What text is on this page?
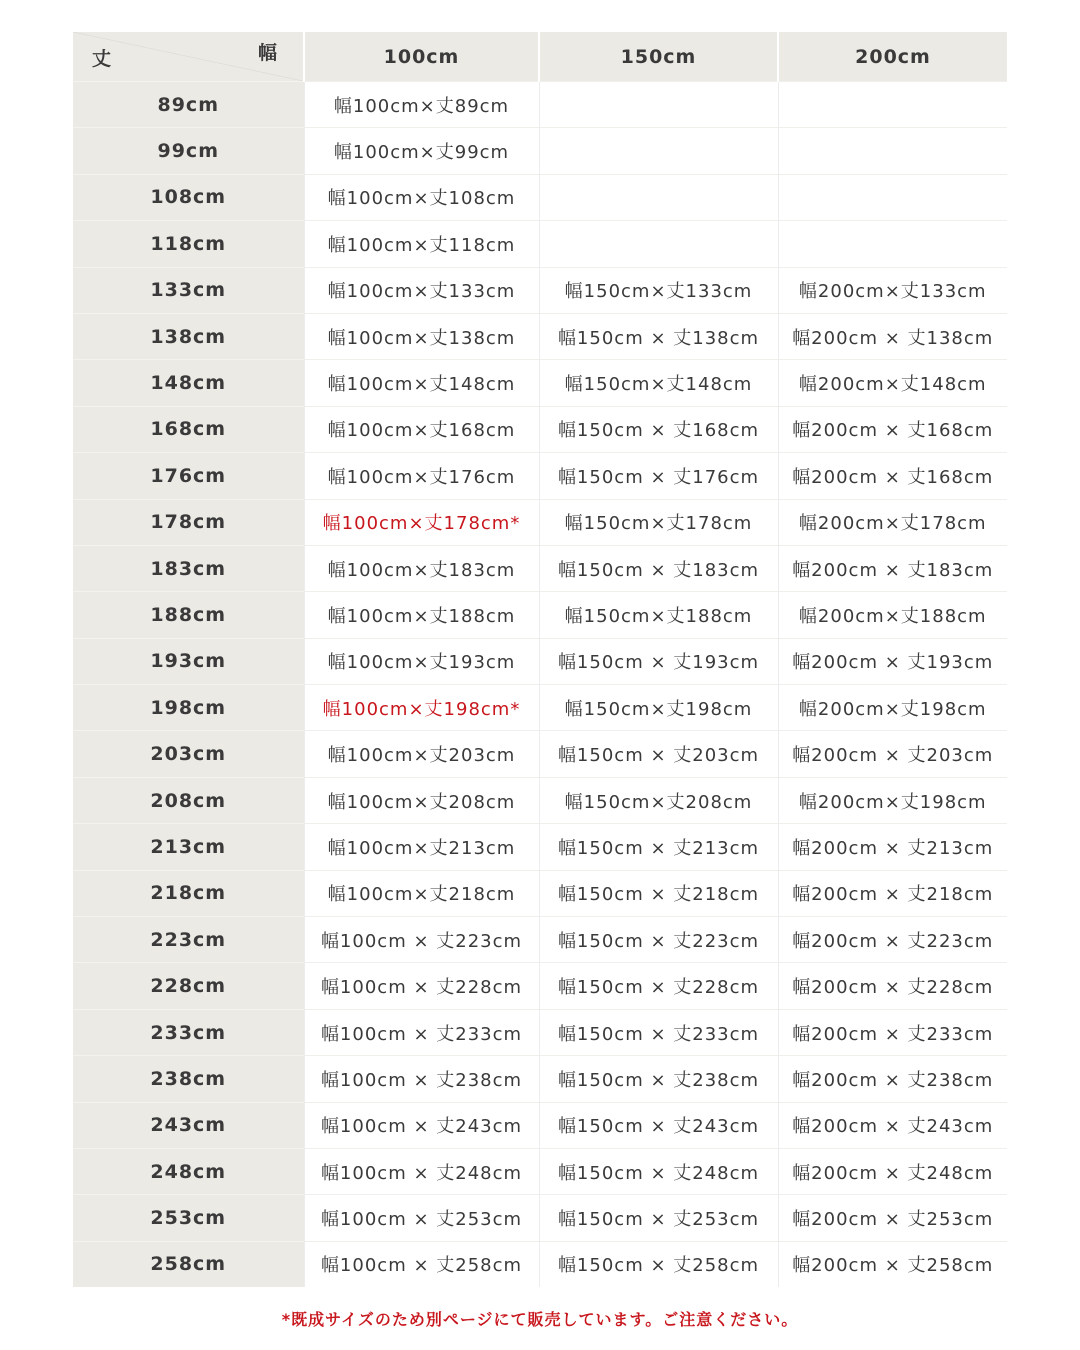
丈 幅	100cm	150cm	200cm
89cm	幅100cm×丈89cm		
99cm	幅100cm×丈99cm		
108cm	幅100cm×丈108cm		
118cm	幅100cm×丈118cm		
133cm	幅100cm×丈133cm	幅150cm×丈133cm	幅200cm×丈133cm
138cm	幅100cm×丈138cm	幅150cm × 丈138cm	幅200cm × 丈138cm
148cm	幅100cm×丈148cm	幅150cm×丈148cm	幅200cm×丈148cm
168cm	幅100cm×丈168cm	幅150cm × 丈168cm	幅200cm × 丈168cm
176cm	幅100cm×丈176cm	幅150cm × 丈176cm	幅200cm × 丈168cm
178cm	幅100cm×丈178cm*	幅150cm×丈178cm	幅200cm×丈178cm
183cm	幅100cm×丈183cm	幅150cm × 丈183cm	幅200cm × 丈183cm
188cm	幅100cm×丈188cm	幅150cm×丈188cm	幅200cm×丈188cm
193cm	幅100cm×丈193cm	幅150cm × 丈193cm	幅200cm × 丈193cm
198cm	幅100cm×丈198cm*	幅150cm×丈198cm	幅200cm×丈198cm
203cm	幅100cm×丈203cm	幅150cm × 丈203cm	幅200cm × 丈203cm
208cm	幅100cm×丈208cm	幅150cm×丈208cm	幅200cm×丈198cm
213cm	幅100cm×丈213cm	幅150cm × 丈213cm	幅200cm × 丈213cm
218cm	幅100cm×丈218cm	幅150cm × 丈218cm	幅200cm × 丈218cm
223cm	幅100cm × 丈223cm	幅150cm × 丈223cm	幅200cm × 丈223cm
228cm	幅100cm × 丈228cm	幅150cm × 丈228cm	幅200cm × 丈228cm
233cm	幅100cm × 丈233cm	幅150cm × 丈233cm	幅200cm × 丈233cm
238cm	幅100cm × 丈238cm	幅150cm × 丈238cm	幅200cm × 丈238cm
243cm	幅100cm × 丈243cm	幅150cm × 丈243cm	幅200cm × 丈243cm
248cm	幅100cm × 丈248cm	幅150cm × 丈248cm	幅200cm × 丈248cm
253cm	幅100cm × 丈253cm	幅150cm × 丈253cm	幅200cm × 丈253cm
258cm	幅100cm × 丈258cm	幅150cm × 丈258cm	幅200cm × 丈258cm
*既成サイズのため別ページにて販売しています。ご注意ください。
